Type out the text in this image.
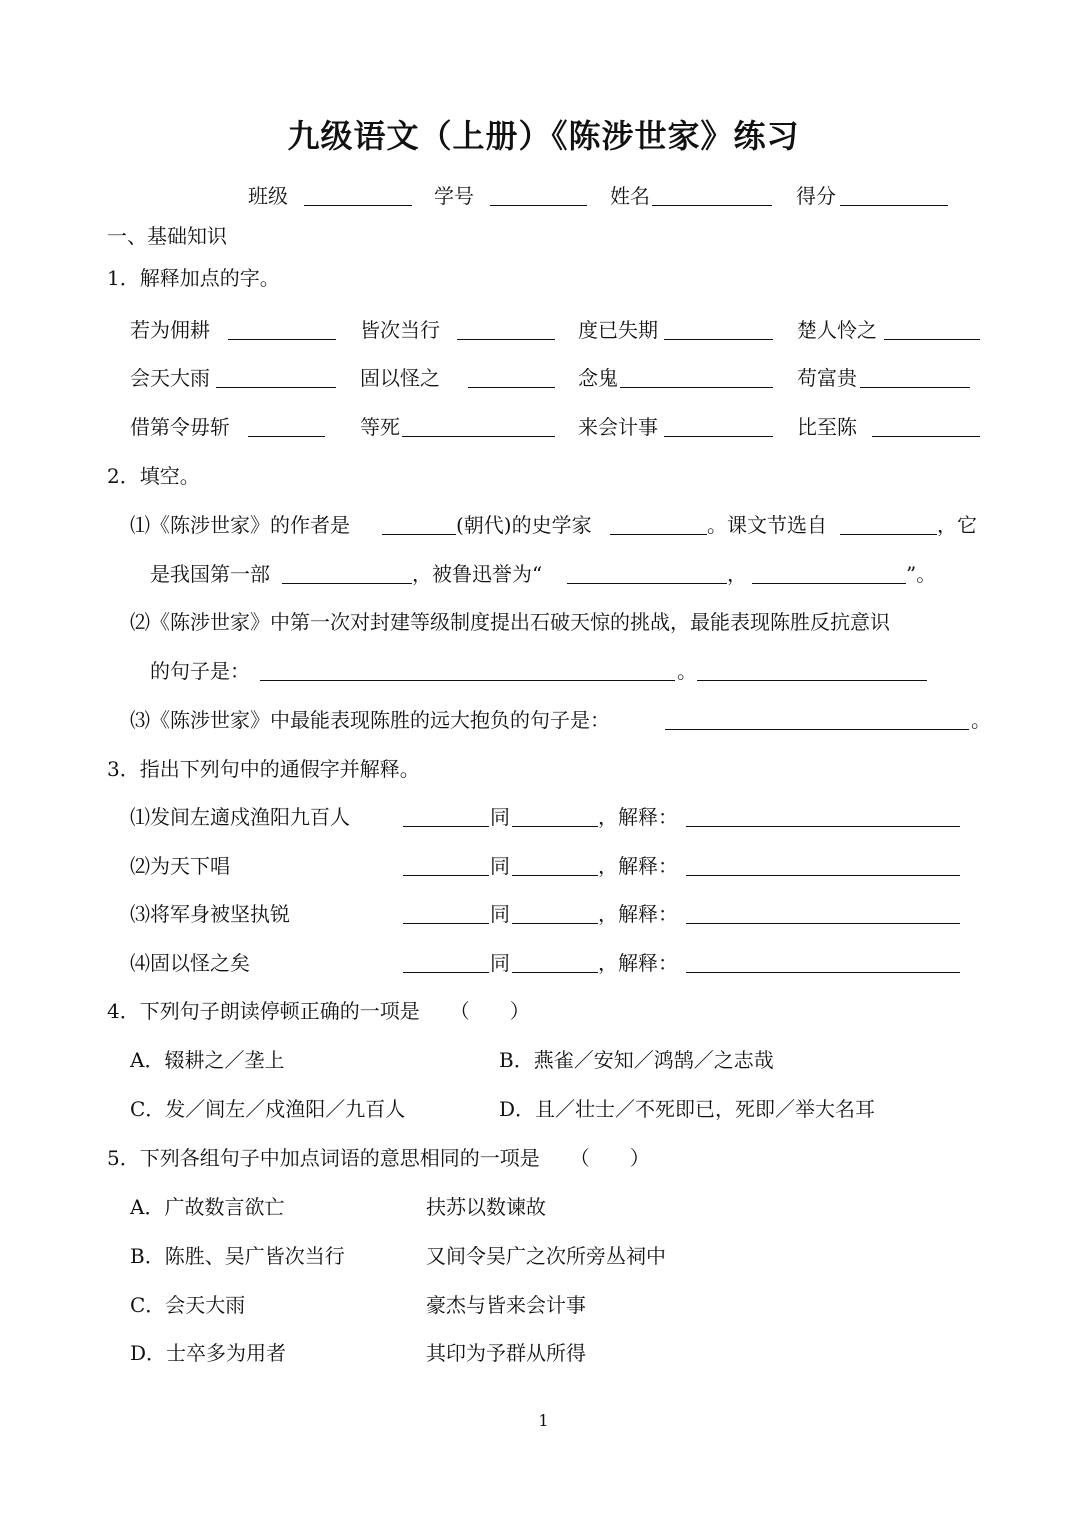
九级语文（上册）《陈涉世家》练习
班级	学号	姓名	得分
一、基础知识
1．解释加点的字。
若为佣耕	皆次当行	度已失期	楚人怜之
会天大雨	固以怪之	念鬼	苟富贵
借第令毋斩	等死	来会计事	比至陈
2．填空。
⑴《陈涉世家》的作者是	(朝代)的史学家	。课文节选自	，它
是我国第一部	，被鲁迅誉为“	，	”。
⑵《陈涉世家》中第一次对封建等级制度提出石破天惊的挑战，最能表现陈胜反抗意识
的句子是：	。
⑶《陈涉世家》中最能表现陈胜的远大抱负的句子是：	。
3．指出下列句中的通假字并解释。
⑴发间左適戍渔阳九百人	同	，解释：
⑵为天下唱	同	，解释：
⑶将军身被坚执锐	同	，解释：
⑷固以怪之矣	同	，解释：
4．下列句子朗读停顿正确的一项是　　（　　）
A．辍耕之／垄上	B．燕雀／安知／鸿鹄／之志哉
C．发／闾左／戍渔阳／九百人	D．且／壮士／不死即已，死即／举大名耳
5．下列各组句子中加点词语的意思相同的一项是　　（　　）
A．广故数言欲亡	扶苏以数谏故
B．陈胜、吴广皆次当行	又间令吴广之次所旁丛祠中
C．会天大雨	豪杰与皆来会计事
D．士卒多为用者	其印为予群从所得
1
